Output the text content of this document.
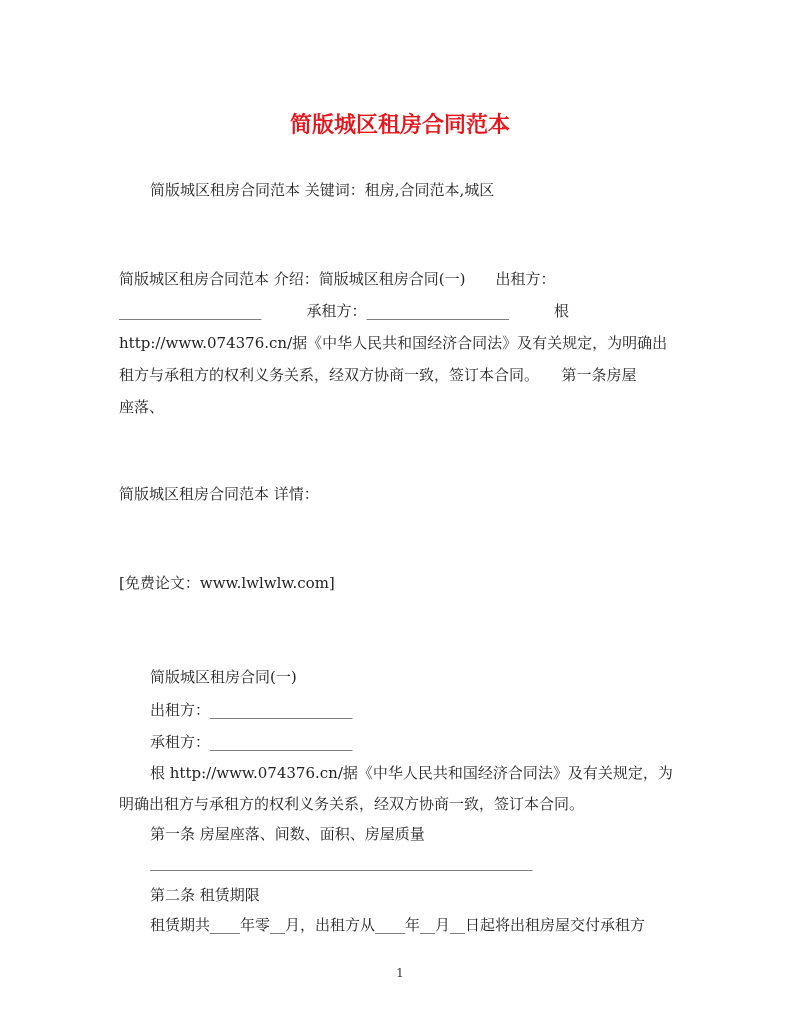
简版城区租房合同范本

简版城区租房合同范本 关键词：租房,合同范本,城区

简版城区租房合同范本 介绍：简版城区租房合同(一)　　出租方：

___________________　　　承租方：___________________　　　根

http://www.074376.cn/据《中华人民共和国经济合同法》及有关规定，为明确出

租方与承租方的权利义务关系，经双方协商一致，签订本合同。　　第一条房屋

座落、

简版城区租房合同范本 详情：

[免费论文：www.lwlwlw.com]

简版城区租房合同(一)

出租方：___________________

承租方：___________________

根 http://www.074376.cn/据《中华人民共和国经济合同法》及有关规定，为

明确出租方与承租方的权利义务关系，经双方协商一致，签订本合同。

第一条 房屋座落、间数、面积、房屋质量

___________________________________________________

第二条 租赁期限

租赁期共____年零__月，出租方从____年__月__日起将出租房屋交付承租方

1
